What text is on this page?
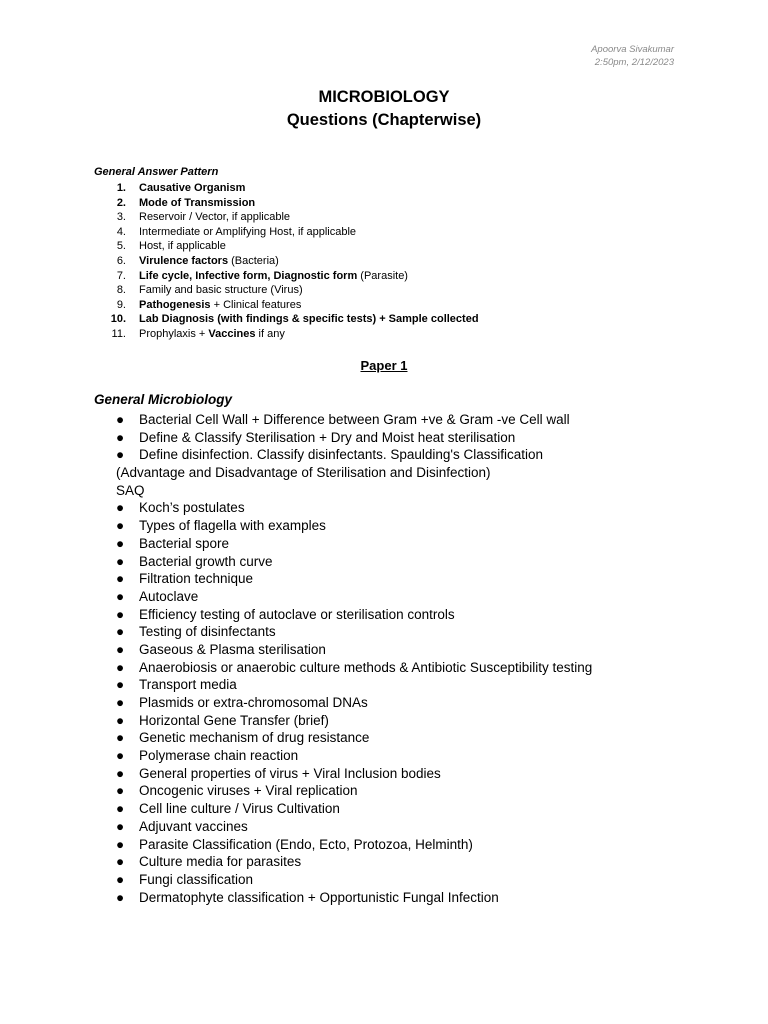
Apoorva Sivakumar
2:50pm, 2/12/2023
MICROBIOLOGY
Questions (Chapterwise)
General Answer Pattern
1. Causative Organism
2. Mode of Transmission
3. Reservoir / Vector, if applicable
4. Intermediate or Amplifying Host, if applicable
5. Host, if applicable
6. Virulence factors (Bacteria)
7. Life cycle, Infective form, Diagnostic form (Parasite)
8. Family and basic structure (Virus)
9. Pathogenesis + Clinical features
10. Lab Diagnosis (with findings & specific tests) + Sample collected
11. Prophylaxis + Vaccines if any
Paper 1
General Microbiology
● Bacterial Cell Wall + Difference between Gram +ve & Gram -ve Cell wall
● Define & Classify Sterilisation + Dry and Moist heat sterilisation
● Define disinfection. Classify disinfectants. Spaulding's Classification
(Advantage and Disadvantage of Sterilisation and Disinfection)
SAQ
● Koch’s postulates
● Types of flagella with examples
● Bacterial spore
● Bacterial growth curve
● Filtration technique
● Autoclave
● Efficiency testing of autoclave or sterilisation controls
● Testing of disinfectants
● Gaseous & Plasma sterilisation
● Anaerobiosis or anaerobic culture methods & Antibiotic Susceptibility testing
● Transport media
● Plasmids or extra-chromosomal DNAs
● Horizontal Gene Transfer (brief)
● Genetic mechanism of drug resistance
● Polymerase chain reaction
● General properties of virus + Viral Inclusion bodies
● Oncogenic viruses + Viral replication
● Cell line culture / Virus Cultivation
● Adjuvant vaccines
● Parasite Classification (Endo, Ecto, Protozoa, Helminth)
● Culture media for parasites
● Fungi classification
● Dermatophyte classification + Opportunistic Fungal Infection
